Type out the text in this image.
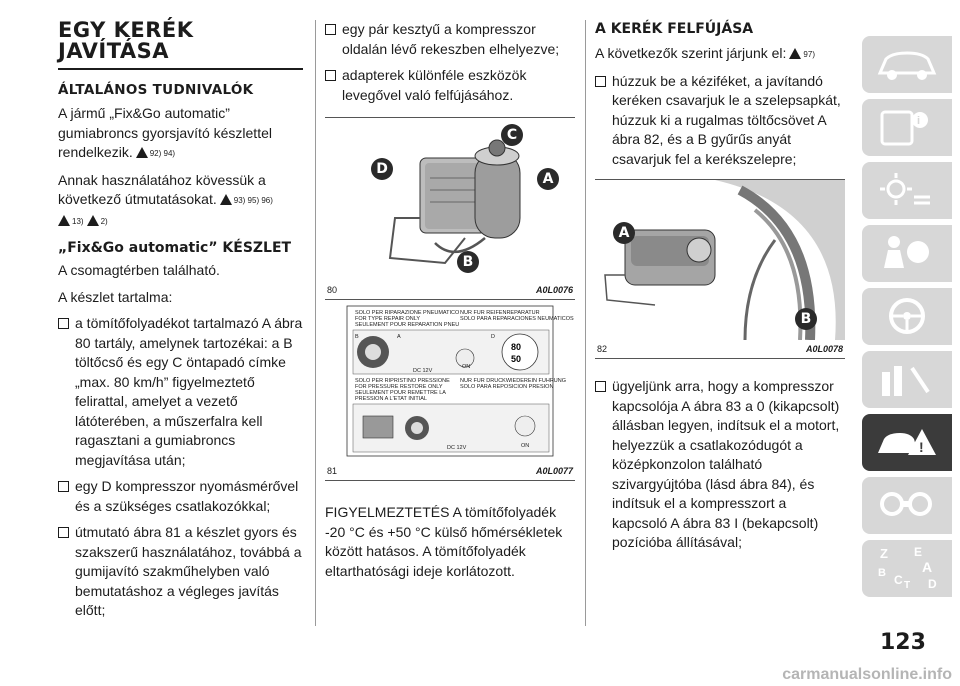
EGY KERÉK
JAVÍTÁSA
ÁLTALÁNOS TUDNIVALÓK

A jármű „Fix&Go automatic” gumiabroncs gyorsjavító készlettel rendelkezik. 92) 94)

Annak használatához kövessük a következő útmutatásokat. 93) 95) 96)
13) 2)

„Fix&Go automatic” KÉSZLET

A csomagtérben található.

A készlet tartalma:

a tömítőfolyadékot tartalmazó A ábra 80 tartály, amelynek tartozékai: a B töltőcső és egy C öntapadó címke „max. 80 km/h” figyelmeztető felirattal, amelyet a vezető látóterében, a műszerfalra kell ragasztani a gumiabroncs megjavítása után;
egy D kompresszor nyomásmérővel és a szükséges csatlakozókkal;
útmutató ábra 81 a készlet gyors és szakszerű használatához, továbbá a gumijavító szakműhelyben való bemutatáshoz a végleges javítás előtt;
egy pár kesztyű a kompresszor oldalán lévő rekeszben elhelyezve;
adapterek különféle eszközök levegővel való felfújásához.
C
D
A
B
80	A0L0076
SOLO PER RIPARAZIONE PNEUMATICO
FOR TYPE REPAIR ONLY
SEULEMENT POUR REPARATION PNEU
NUR FUR REIFENREPARATUR
SOLO PARA REPARACIONES NEUMATICOS
B	A
DC 12V
ON
D
80
50
SOLO PER RIPRISTINO PRESSIONE
FOR PRESSURE RESTORE ONLY
SEULEMENT POUR REMETTRE LA
PRESSION A L'ETAT INITIAL
NUR FUR DRUCKWIEDEREIN FUHRUNG
SOLO PARA REPOSICION PRESION
DC 12V	ON
81	A0L0077

FIGYELMEZTETÉS A tömítőfolyadék -20 °C és +50 °C külső hőmérsékletek között hatásos. A tömítőfolyadék eltarthatósági ideje korlátozott.

A KERÉK FELFÚJÁSA

A következők szerint járjunk el: 97)

húzzuk be a kéziféket, a javítandó keréken csavarjuk le a szelepsapkát, húzzuk ki a rugalmas töltőcsövet A ábra 82, és a B gyűrűs anyát csavarjuk fel a kerékszelepre;
A
B
82	A0L0078
ügyeljünk arra, hogy a kompresszor kapcsolója A ábra 83 a 0 (kikapcsolt) állásban legyen, indítsuk el a motort, helyezzük a csatlakozódugót a középkonzolon található szivargyújtóba (lásd ábra 84), és indítsuk el a kompresszort a kapcsoló A ábra 83 I (bekapcsolt) pozícióba állításával;
i
!
Z E
A
B C T D
123
carmanualsonline.info
